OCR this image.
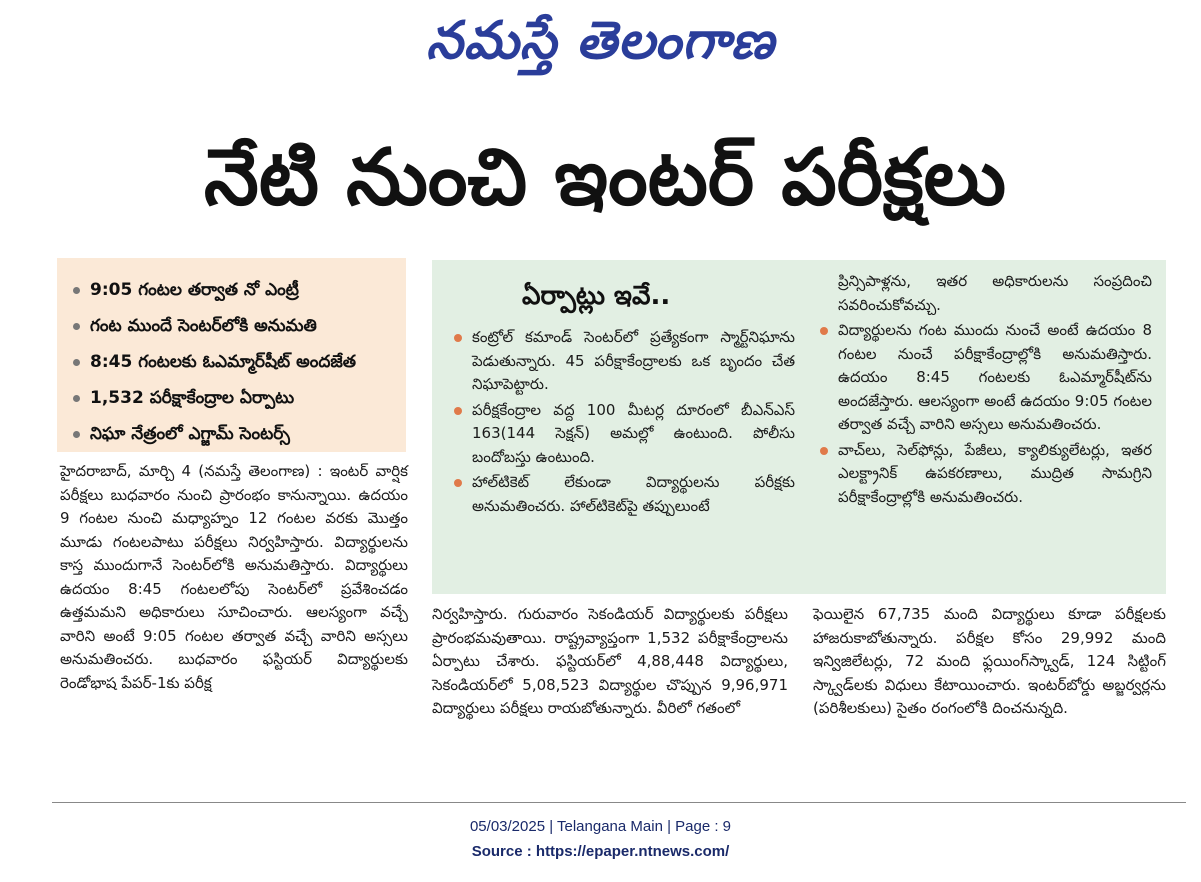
నమస్తే తెలంగాణ
నేటి నుంచి ఇంటర్ పరీక్షలు
9:05 గంటల తర్వాత నో ఎంట్రీ
గంట ముందే సెంటర్‌లోకి అనుమతి
8:45 గంటలకు ఓఎమ్మార్‌షీట్ అందజేత
1,532 పరీక్షాకేంద్రాల ఏర్పాటు
నిఘా నేత్రంలో ఎగ్జామ్ సెంటర్స్
ఏర్పాట్లు ఇవే..
కంట్రోల్ కమాండ్ సెంటర్‌లో ప్రత్యేకంగా స్మార్ట్‌నిఘాను పెడుతున్నారు. 45 పరీక్షాకేంద్రాలకు ఒక బృందం చేత నిఘాపెట్టారు.
పరీక్షకేంద్రాల వద్ద 100 మీటర్ల దూరంలో బీఎన్ఎస్ 163(144 సెక్షన్) అమల్లో ఉంటుంది. పోలీసు బందోబస్తు ఉంటుంది.
హాల్‌టికెట్ లేకుండా విద్యార్థులను పరీక్షకు అనుమతించరు. హాల్‌టికెట్‌పై తప్పులుంటే
ప్రిన్సిపాళ్లను, ఇతర అధికారులను సంప్రదించి సవరించుకోవచ్చు.
విద్యార్థులను గంట ముందు నుంచే అంటే ఉదయం 8 గంటల నుంచే పరీక్షాకేంద్రాల్లోకి అనుమతిస్తారు. ఉదయం 8:45 గంటలకు ఓఎమ్మార్‌షీట్‌ను అందజేస్తారు. ఆలస్యంగా అంటే ఉదయం 9:05 గంటల తర్వాత వచ్చే వారిని అస్సలు అనుమతించరు.
వాచ్‌లు, సెల్‌ఫోన్లు, పేజీలు, క్యాలిక్యులేటర్లు, ఇతర ఎలక్ట్రానిక్ ఉపకరణాలు, ముద్రిత సామగ్రిని పరీక్షాకేంద్రాల్లోకి అనుమతించరు.

హైదరాబాద్, మార్చి 4 (నమస్తే తెలంగాణ) : ఇంటర్ వార్షిక పరీక్షలు బుధవారం నుంచి ప్రారంభం కానున్నాయి. ఉదయం 9 గంటల నుంచి మధ్యాహ్నం 12 గంటల వరకు మొత్తం మూడు గంటలపాటు పరీక్షలు నిర్వహిస్తారు. విద్యార్థులను కాస్త ముందుగానే సెంటర్‌లోకి అనుమతిస్తారు. విద్యార్థులు ఉదయం 8:45 గంటలలోపు సెంటర్‌లో ప్రవేశించడం ఉత్తమమని అధికారులు సూచించారు. ఆలస్యంగా వచ్చే వారిని అంటే 9:05 గంటల తర్వాత వచ్చే వారిని అస్సలు అనుమతించరు. బుధవారం ఫస్టియర్ విద్యార్థులకు రెండోభాష పేపర్-1కు పరీక్ష

నిర్వహిస్తారు. గురువారం సెకండియర్ విద్యార్థులకు పరీక్షలు ప్రారంభమవుతాయి. రాష్ట్రవ్యాప్తంగా 1,532 పరీక్షాకేంద్రాలను ఏర్పాటు చేశారు. ఫస్టియర్‌లో 4,88,448 విద్యార్థులు, సెకండియర్‌లో 5,08,523 విద్యార్థుల చొప్పున 9,96,971 విద్యార్థులు పరీక్షలు రాయబోతున్నారు. వీరిలో గతంలో

ఫెయిలైన 67,735 మంది విద్యార్థులు కూడా పరీక్షలకు హాజరుకాబోతున్నారు. పరీక్షల కోసం 29,992 మంది ఇన్విజిలేటర్లు, 72 మంది ఫ్లయింగ్‌స్క్వాడ్, 124 సిట్టింగ్ స్క్వాడ్‌లకు విధులు కేటాయించారు. ఇంటర్‌బోర్డు అబ్జర్వర్లను (పరిశీలకులు) సైతం రంగంలోకి దించనున్నది.

05/03/2025 | Telangana Main | Page : 9
Source : https://epaper.ntnews.com/
